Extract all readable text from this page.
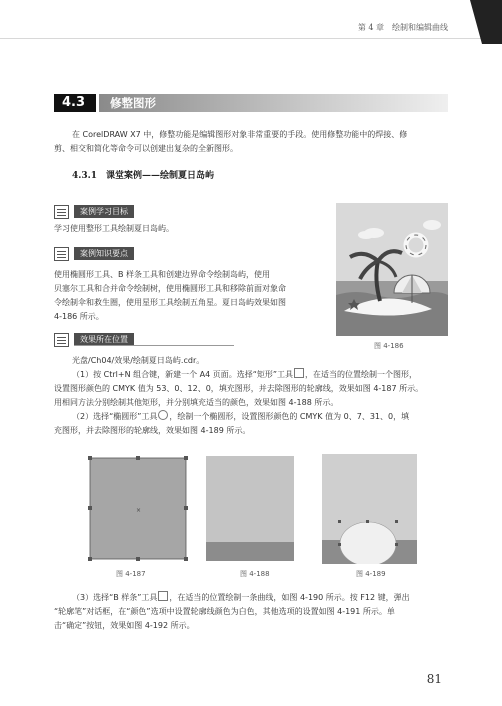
第 4 章　绘制和编辑曲线
4.3	修整图形
在 CorelDRAW X7 中，修整功能是编辑图形对象非常重要的手段。使用修整功能中的焊接、修
剪、相交和简化等命令可以创建出复杂的全新图形。
4.3.1　课堂案例——绘制夏日岛屿
案例学习目标
学习使用整形工具绘制夏日岛屿。
案例知识要点
使用椭圆形工具、B 样条工具和创建边界命令绘制岛屿，使用
贝塞尔工具和合并命令绘制树，使用椭圆形工具和移除前面对象命
令绘制伞和救生圈，使用星形工具绘制五角星。夏日岛屿效果如图
4-186 所示。
效果所在位置
图 4-186
光盘/Ch04/效果/绘制夏日岛屿.cdr。
（1）按 Ctrl+N 组合键，新建一个 A4 页面。选择“矩形”工具 ，在适当的位置绘制一个图形，
设置图形颜色的 CMYK 值为 53、0、12、0，填充图形，并去除图形的轮廓线，效果如图 4-187 所示。
用相同方法分别绘制其他矩形，并分别填充适当的颜色，效果如图 4-188 所示。
（2）选择“椭圆形”工具 ，绘制一个椭圆形，设置图形颜色的 CMYK 值为 0、7、31、0，填
充图形，并去除图形的轮廓线，效果如图 4-189 所示。
×
图 4-187	图 4-188	图 4-189
（3）选择“B 样条”工具 ，在适当的位置绘制一条曲线，如图 4-190 所示。按 F12 键，弹出
“轮廓笔”对话框，在“颜色”选项中设置轮廓线颜色为白色，其他选项的设置如图 4-191 所示。单
击“确定”按钮，效果如图 4-192 所示。
81
